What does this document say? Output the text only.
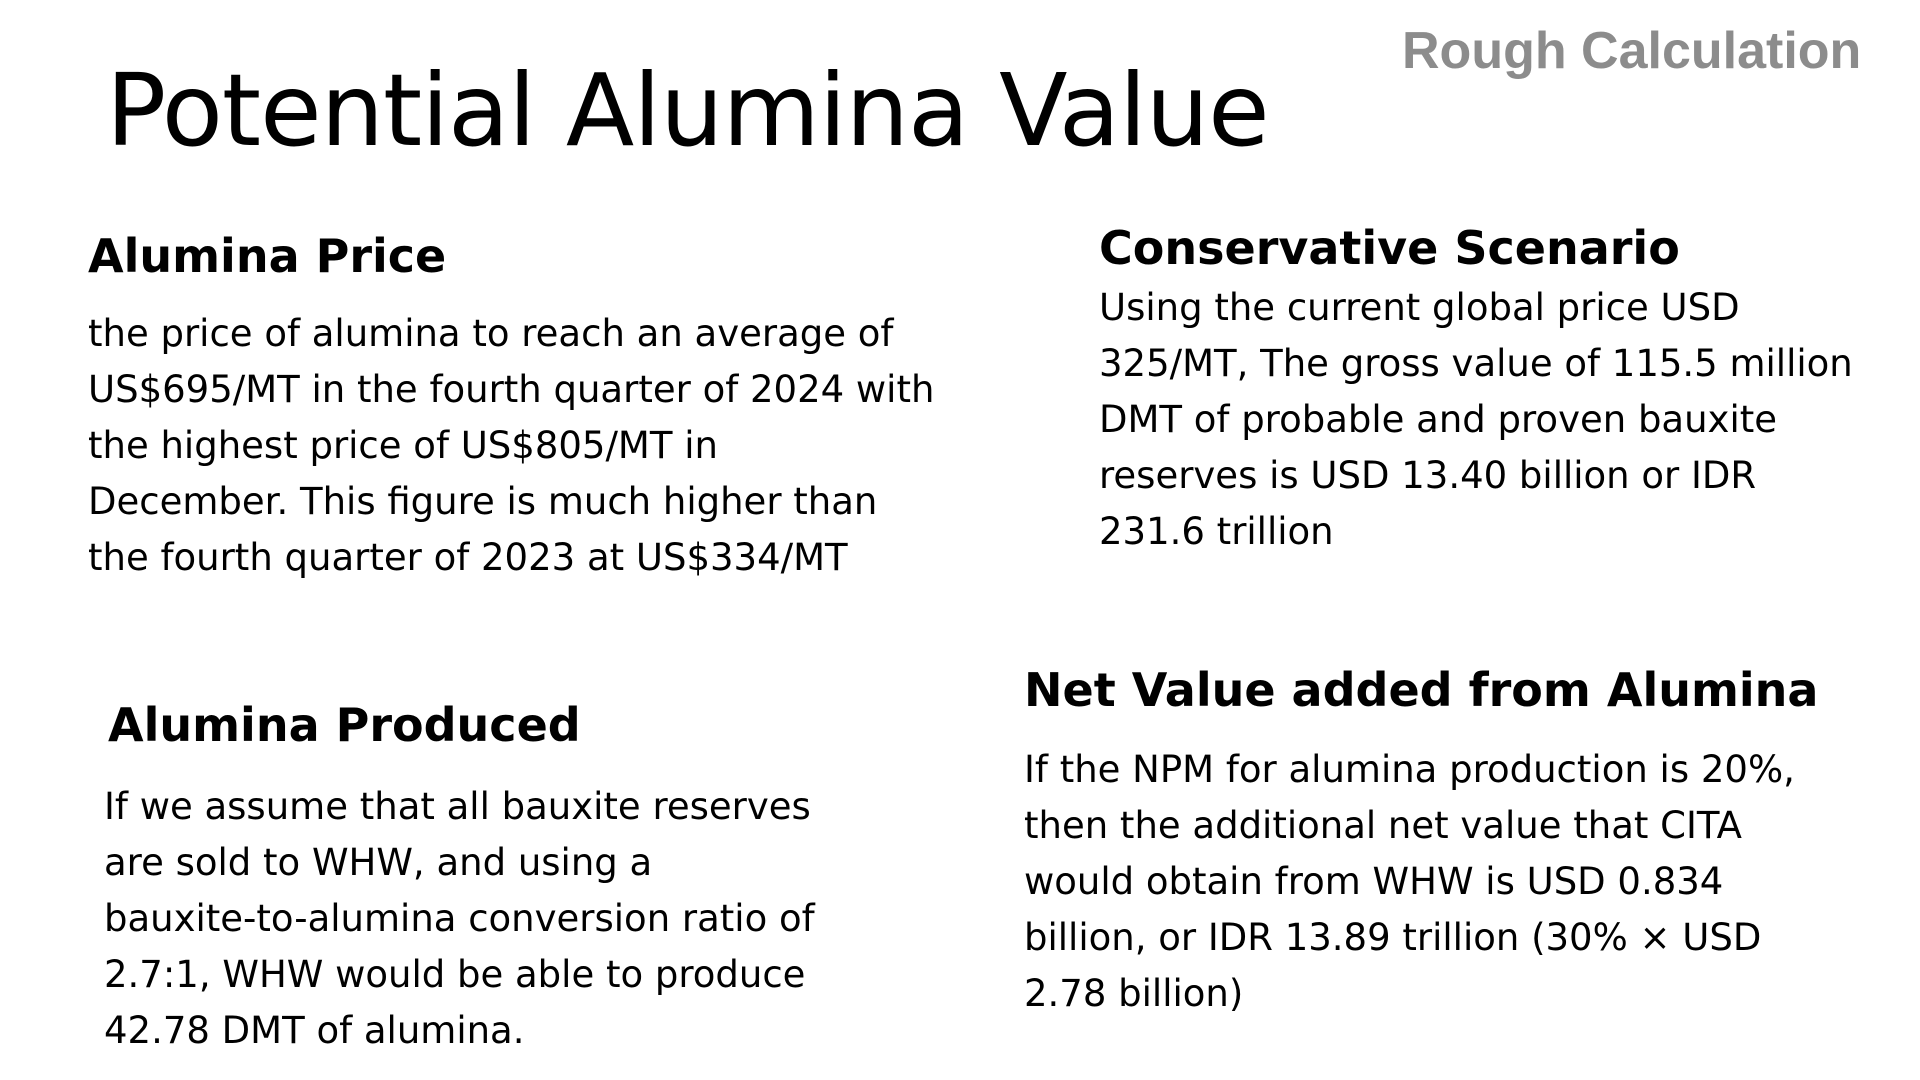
Rough Calculation
Potential Alumina Value
Alumina Price
the price of alumina to reach an average of
US$695/MT in the fourth quarter of 2024 with
the highest price of US$805/MT in
December. This figure is much higher than
the fourth quarter of 2023 at US$334/MT
Conservative Scenario
Using the current global price USD
325/MT, The gross value of 115.5 million
DMT of probable and proven bauxite
reserves is USD 13.40 billion or IDR
231.6 trillion
Alumina Produced
If we assume that all bauxite reserves
are sold to WHW, and using a
bauxite-to-alumina conversion ratio of
2.7:1, WHW would be able to produce
42.78 DMT of alumina.
Net Value added from Alumina
If the NPM for alumina production is 20%,
then the additional net value that CITA
would obtain from WHW is USD 0.834
billion, or IDR 13.89 trillion (30% × USD
2.78 billion)
